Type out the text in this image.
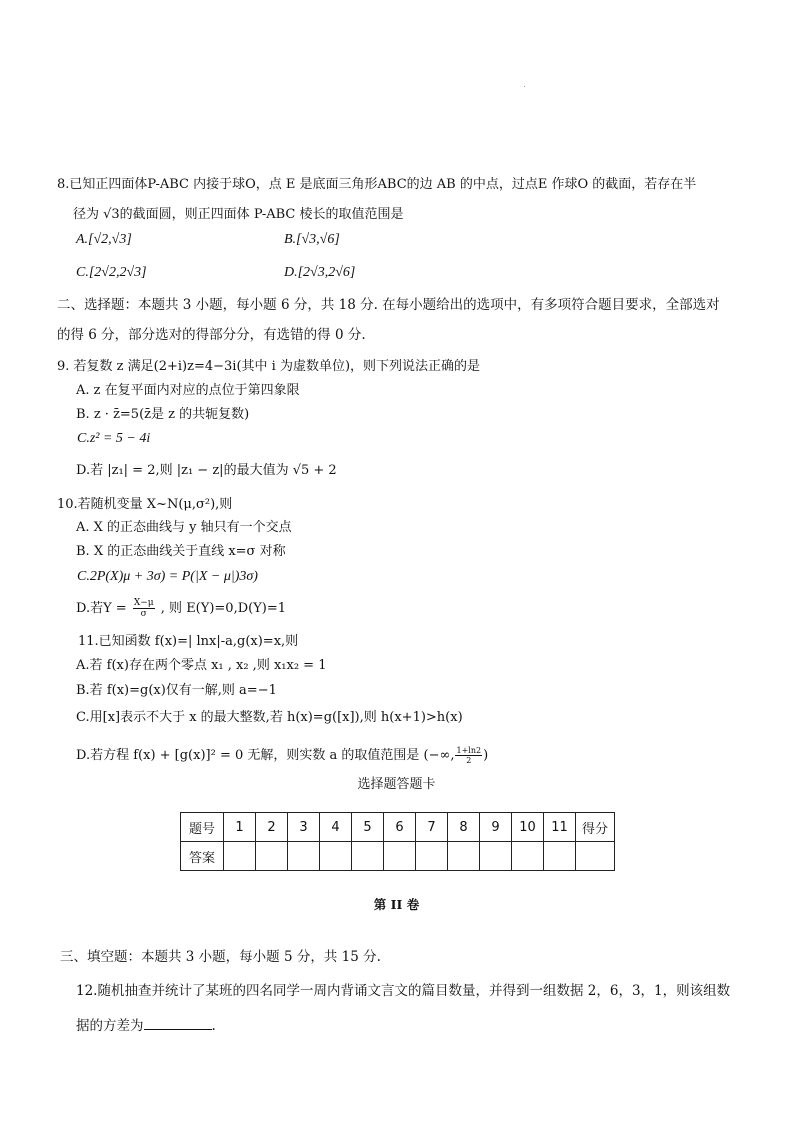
8.已知正四面体P-ABC 内接于球O，点 E 是底面三角形ABC的边 AB 的中点，过点E 作球O 的截面，若存在半
径为 √3的截面圆，则正四面体 P-ABC 棱长的取值范围是
A.[√2,√3]	B.[√3,√6]
C.[2√2,2√3]	D.[2√3,2√6]
二、选择题：本题共 3 小题，每小题 6 分，共 18 分. 在每小题给出的选项中，有多项符合题目要求，全部选对
的得 6 分，部分选对的得部分分，有选错的得 0 分.
9. 若复数 z 满足(2+i)z=4−3i(其中 i 为虚数单位)，则下列说法正确的是
A. z 在复平面内对应的点位于第四象限
B. z · z̄=5(z̄是 z 的共轭复数)
C.z² = 5 − 4i
D.若 |z₁| = 2,则 |z₁ − z|的最大值为 √5 + 2
10.若随机变量 X~N(μ,σ²),则
A. X 的正态曲线与 y 轴只有一个交点
B. X 的正态曲线关于直线 x=σ 对称
C.2P(X)μ + 3σ) = P(|X − μ|)3σ)
D.若$Y = \frac{X-\mu}{\sigma}$ , 则 E(Y)=0,D(Y)=1
11.已知函数 f(x)=| lnx|-a,g(x)=x,则
A.若 f(x)存在两个零点 x₁ , x₂ ,则 x₁x₂ = 1
B.若 f(x)=g(x)仅有一解,则 a=−1
C.用[x]表示不大于 x 的最大整数,若 h(x)=g([x]),则 h(x+1)>h(x)
D.若方程 f(x) + [g(x)]² = 0 无解，则实数 a 的取值范围是 (−∞, $\frac{1+\ln 2}{2}$ )
选择题答题卡
题号	1	2	3	4	5	6	7	8	9	10	11	得分
答案												
第 II 卷
三、填空题：本题共 3 小题，每小题 5 分，共 15 分.
12.随机抽查并统计了某班的四名同学一周内背诵文言文的篇目数量，并得到一组数据 2，6，3，1，则该组数
据的方差为	.
